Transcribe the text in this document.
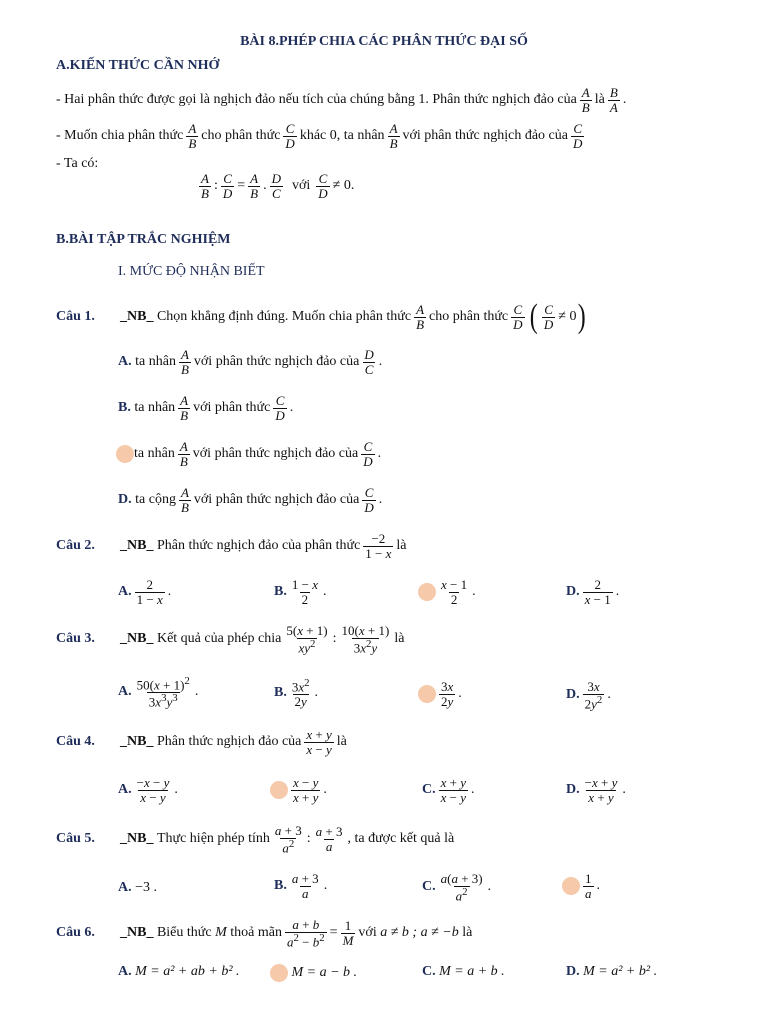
BÀI 8.PHÉP CHIA CÁC PHÂN THỨC ĐẠI SỐ
A.KIẾN THỨC CẦN NHỚ
- Hai phân thức được gọi là nghịch đảo nếu tích của chúng bằng 1. Phân thức nghịch đảo của $\frac{A}{B}$ là $\frac{B}{A}$ .
- Muốn chia phân thức $\frac{A}{B}$ cho phân thức $\frac{C}{D}$ khác 0, ta nhân $\frac{A}{B}$ với phân thức nghịch đảo của $\frac{C}{D}$
- Ta có:
$\frac{A}{B}$ : $\frac{C}{D} = \frac{A}{B}$ . $\frac{D}{C}$ với $\frac{C}{D} \ne 0$.
B.BÀI TẬP TRẮC NGHIỆM
I. MỨC ĐỘ NHẬN BIẾT
Câu 1.	_NB_
Chọn khẳng định đúng. Muốn chia phân thức $\frac{A}{B}$ cho phân thức $\frac{C}{D}$ ( $\frac{C}{D} \ne 0$ )
A.
ta nhân $\frac{A}{B}$ với phân thức nghịch đảo của $\frac{D}{C}$ .
B.
ta nhân $\frac{A}{B}$ với phân thức $\frac{C}{D}$ .
ta nhân $\frac{A}{B}$ với phân thức nghịch đảo của $\frac{C}{D}$ .
D.
ta cộng $\frac{A}{B}$ với phân thức nghịch đảo của $\frac{C}{D}$ .
Câu 2.	_NB_
Phân thức nghịch đảo của phân thức $\frac{-2}{1 - x}$ là
A. $\frac{2}{1 - x}$ .	B. $\frac{1 - x}{2}$ .	$\frac{x - 1}{2}$ .	D. $\frac{2}{x - 1}$ .
Câu 3.	_NB_
Kết quả của phép chia $\frac{5(x + 1)}{xy^2}$ : $\frac{10(x + 1)}{3x^2y}$ là
A. $\frac{50(x + 1)^2}{3x^3y^3}$ .	B. $\frac{3x^2}{2y}$ .	$\frac{3x}{2y}$ .	D. $\frac{3x}{2y^2}$ .
Câu 4.	_NB_
Phân thức nghịch đảo của $\frac{x + y}{x - y}$ là
A. $\frac{-x - y}{x - y}$ .	$\frac{x - y}{x + y}$ .	C. $\frac{x + y}{x - y}$ .	D. $\frac{-x + y}{x + y}$ .
Câu 5.	_NB_
Thực hiện phép tính $\frac{a + 3}{a^2}$ : $\frac{a + 3}{a}$ , ta được kết quả là
A.
−3 .	B. $\frac{a + 3}{a}$ .	C. $\frac{a(a + 3)}{a^2}$ .	$\frac{1}{a}$ .
Câu 6.	_NB_
Biểu thức
M
thoả mãn $\frac{a + b}{a^2 - b^2} = \frac{1}{M}$ với
a ≠ b ; a ≠ −b
là
A.
M = a² + ab + b² .
	M = a − b .	C.
M = a + b .	D.
M = a² + b² .
